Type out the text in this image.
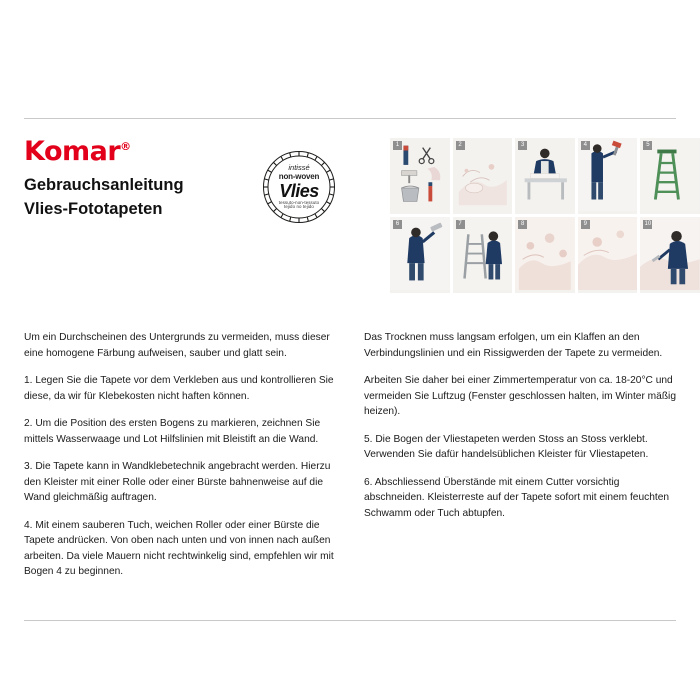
Komar®
Gebrauchsanleitung
Vlies-Fototapeten
intissé
non-woven
Vlies
tessuto-non-tessuto
tejido no tejido
1	2	3	4	5
6	7	8	9	10
Um ein Durchscheinen des Untergrunds zu vermeiden, muss dieser eine homogene Färbung aufweisen, sauber und glatt sein.
1. Legen Sie die Tapete vor dem Verkleben aus und kontrollieren Sie diese, da wir für Klebekosten nicht haften können.
2. Um die Position des ersten Bogens zu markieren, zeichnen Sie mittels Wasserwaage und Lot Hilfslinien mit Bleistift an die Wand.
3. Die Tapete kann in Wandklebetechnik angebracht werden. Hierzu den Kleister mit einer Rolle oder einer Bürste bahnenweise auf die Wand gleichmäßig auftragen.
4. Mit einem sauberen Tuch, weichen Roller oder einer Bürste die Tapete andrücken. Von oben nach unten und von innen nach außen arbeiten. Da viele Mauern nicht rechtwinkelig sind, empfehlen wir mit Bogen 4 zu beginnen.
Das Trocknen muss langsam erfolgen, um ein Klaffen an den Verbindungslinien und ein Rissigwerden der Tapete zu vermeiden.
Arbeiten Sie daher bei einer Zimmertemperatur von ca. 18-20°C und vermeiden Sie Luftzug (Fenster geschlossen halten, im Winter mäßig heizen).
5. Die Bogen der Vliestapeten werden Stoss an Stoss verklebt. Verwenden Sie dafür handelsüblichen Kleister für Vliestapeten.
6. Abschliessend Überstände mit einem Cutter vorsichtig abschneiden. Kleisterreste auf der Tapete sofort mit einem feuchten Schwamm oder Tuch abtupfen.
